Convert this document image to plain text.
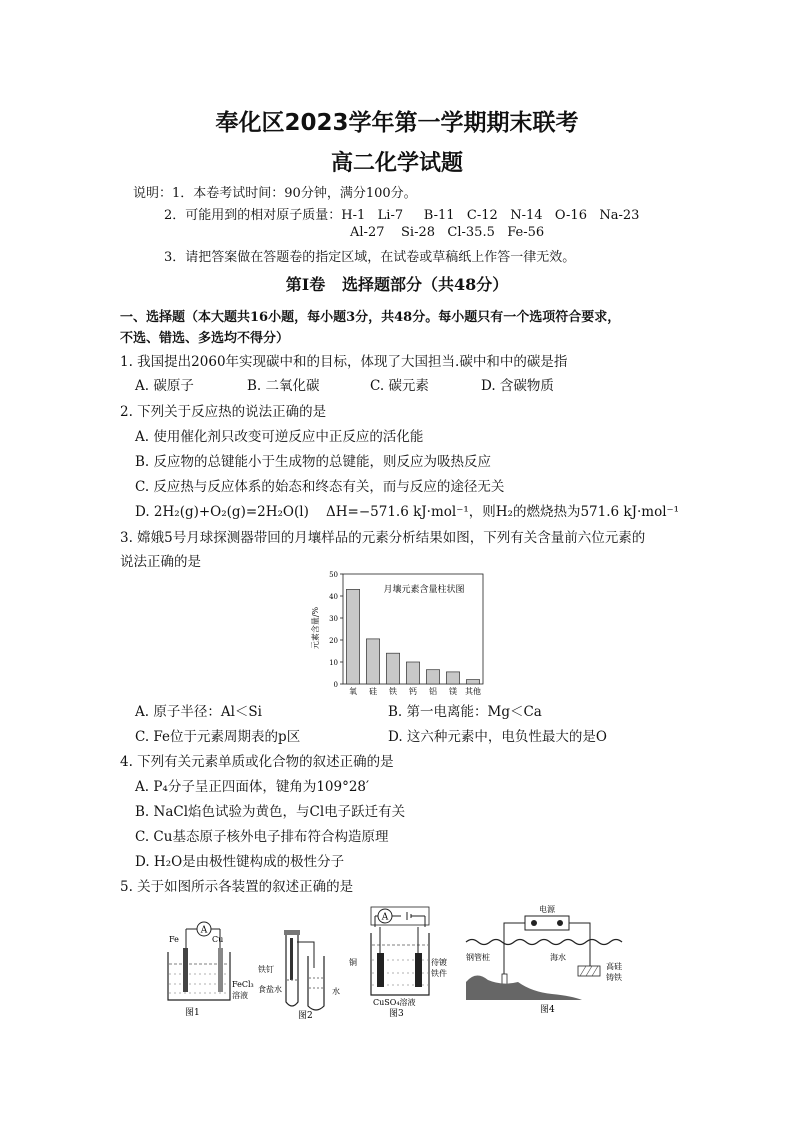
奉化区2023学年第一学期期末联考
高二化学试题
说明：1．本卷考试时间：90分钟，满分100分。
2．可能用到的相对原子质量：H-1   Li-7     B-11   C-12   N-14   O-16   Na-23
Al-27    Si-28   Cl-35.5   Fe-56
3．请把答案做在答题卷的指定区域，在试卷或草稿纸上作答一律无效。
第Ⅰ卷   选择题部分（共48分）
一、选择题（本大题共16小题，每小题3分，共48分。每小题只有一个选项符合要求，
不选、错选、多选均不得分）
1. 我国提出2060年实现碳中和的目标，体现了大国担当.碳中和中的碳是指
A. 碳原子	B. 二氧化碳	C. 碳元素	D. 含碳物质
2. 下列关于反应热的说法正确的是
A. 使用催化剂只改变可逆反应中正反应的活化能
B. 反应物的总键能小于生成物的总键能，则反应为吸热反应
C. 反应热与反应体系的始态和终态有关，而与反应的途径无关
D. 2H₂(g)+O₂(g)=2H₂O(l)    ΔH=−571.6 kJ·mol⁻¹，则H₂的燃烧热为571.6 kJ·mol⁻¹
3. 嫦娥5号月球探测器带回的月壤样品的元素分析结果如图，下列有关含量前六位元素的
说法正确的是
元素含量/%
月壤元素含量柱状图
0
10
20
30
40
50
氧 硅 铁 钙 铝 镁 其他
A. 原子半径：Al＜Si	B. 第一电离能：Mg＜Ca
C. Fe位于元素周期表的p区	D. 这六种元素中，电负性最大的是O
4. 下列有关元素单质或化合物的叙述正确的是
A. P₄分子呈正四面体，键角为109°28′
B. NaCl焰色试验为黄色，与Cl电子跃迁有关
C. Cu基态原子核外电子排布符合构造原理
D. H₂O是由极性键构成的极性分子
5. 关于如图所示各装置的叙述正确的是
A
Fe	Cu
FeCl₃
溶液
图1
铁钉
食盐水	水
图2
A
铜	待镀
铁件
CuSO₄溶液
图3
电源
钢管桩	海水
高硅
铸铁
图4
